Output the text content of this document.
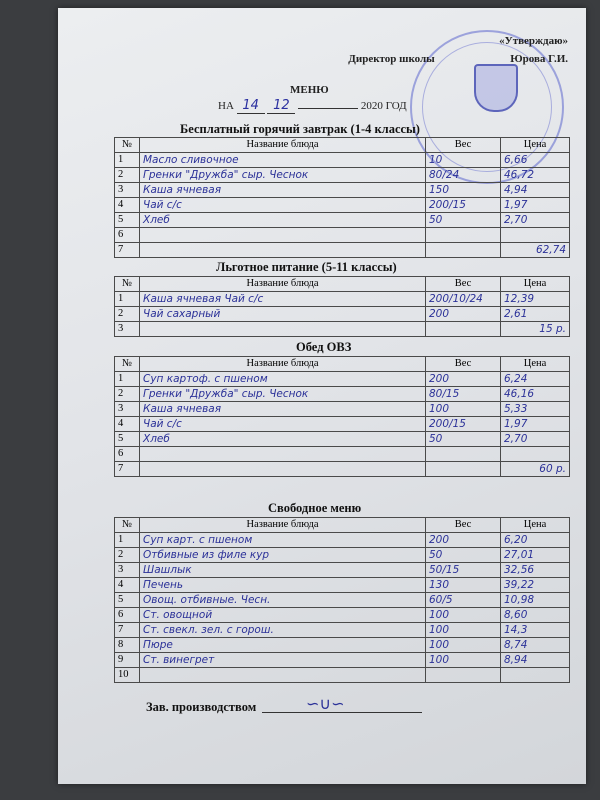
«Утверждаю»
Директор школы	Юрова Г.И.
МЕНЮ
НА 14 12	2020 ГОД
Бесплатный горячий завтрак (1-4 классы)
№	Название блюда	Вес	Цена
1	Масло сливочное	10	6,66
2	Гренки "Дружба" сыр. Чеснок	80/24	46,72
3	Каша ячневая	150	4,94
4	Чай с/с	200/15	1,97
5	Хлеб	50	2,70
6			
7			62,74
Льготное питание (5-11 классы)
№	Название блюда	Вес	Цена
1	Каша ячневая Чай с/с	200/10/24	12,39
2	Чай сахарный	200	2,61
3			15 р.
Обед ОВЗ
№	Название блюда	Вес	Цена
1	Суп картоф. с пшеном	200	6,24
2	Гренки "Дружба" сыр. Чеснок	80/15	46,16
3	Каша ячневая	100	5,33
4	Чай с/с	200/15	1,97
5	Хлеб	50	2,70
6			
7			60 р.
Свободное меню
№	Название блюда	Вес	Цена
1	Суп карт. с пшеном	200	6,20
2	Отбивные из филе кур	50	27,01
3	Шашлык	50/15	32,56
4	Печень	130	39,22
5	Овощ. отбивные. Чесн.	60/5	10,98
6	Ст. овощной	100	8,60
7	Ст. свекл. зел. с горош.	100	14,3
8	Пюре	100	8,74
9	Ст. винегрет	100	8,94
10			
Зав. производством	∽∪∽
